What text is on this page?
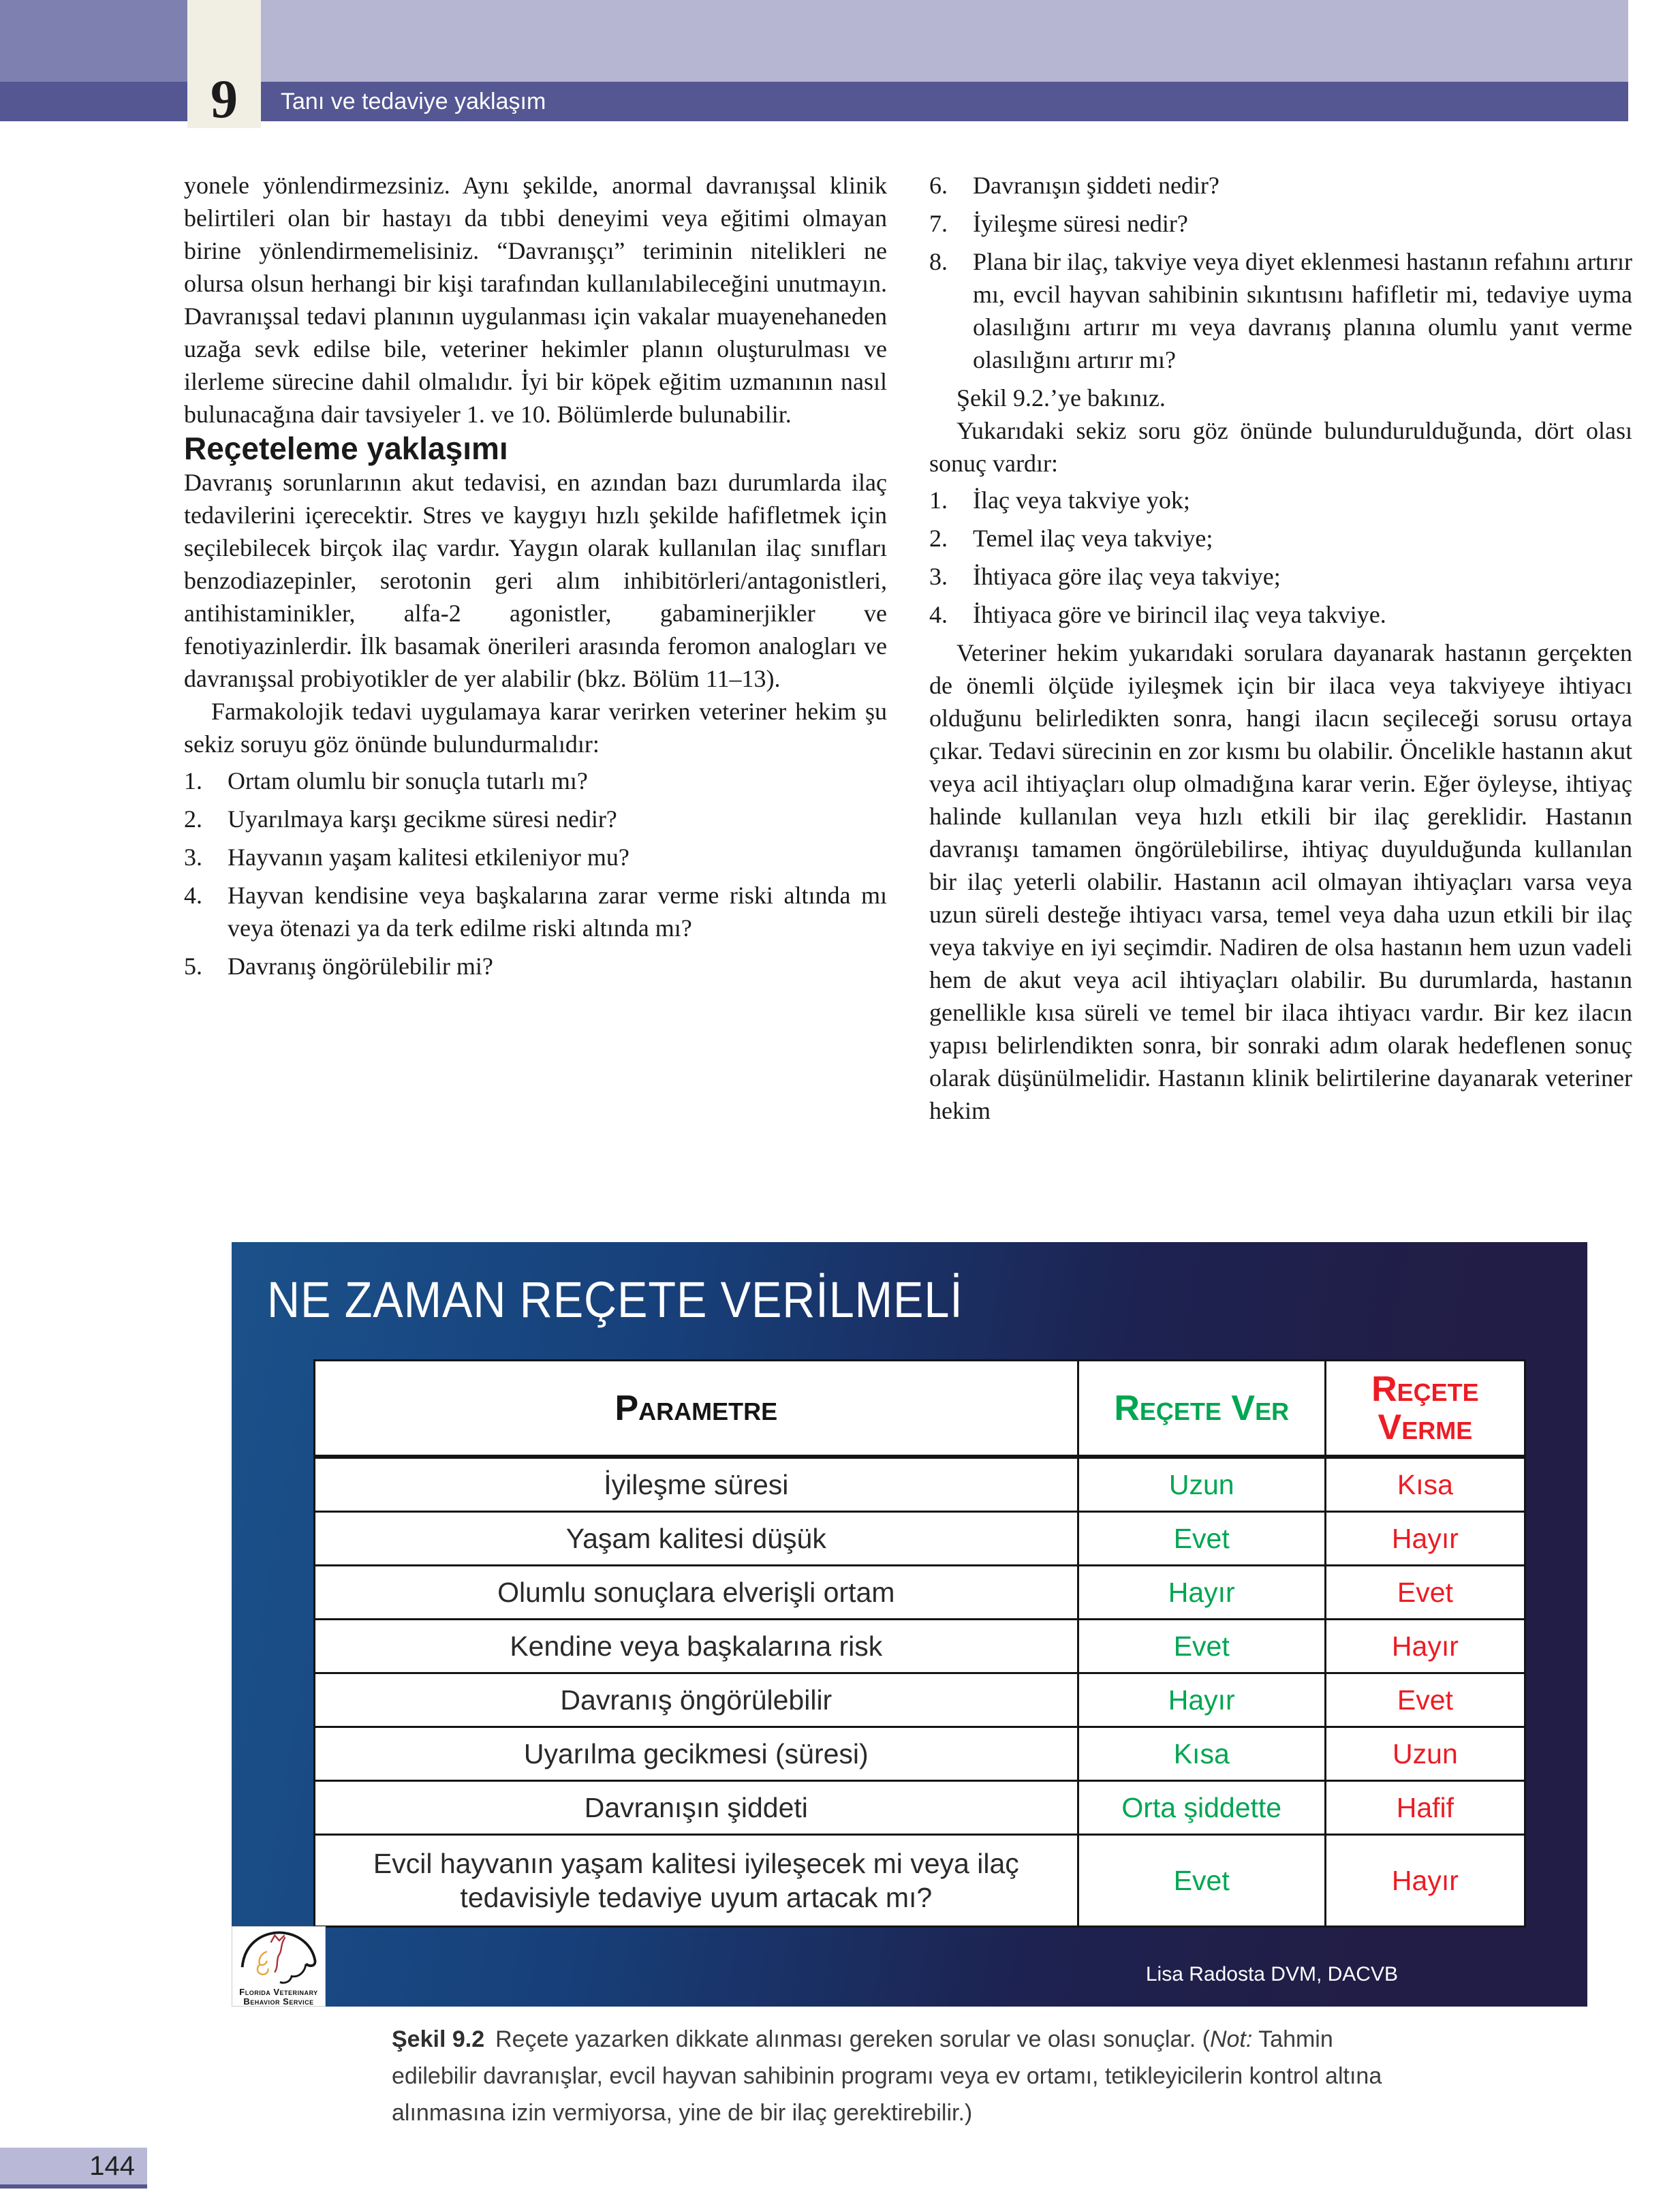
9	Tanı ve tedaviye yaklaşım

yonele yönlendirmezsiniz. Aynı şekilde, anormal davranışsal klinik belirtileri olan bir hastayı da tıbbi deneyimi veya eğitimi olmayan birine yönlendirmemelisiniz. “Davranışçı” teriminin nitelikleri ne olursa olsun herhangi bir kişi tarafından kullanılabileceğini unutmayın. Davranışsal tedavi planının uygulanması için vakalar muayenehaneden uzağa sevk edilse bile, veteriner hekimler planın oluşturulması ve ilerleme sürecine dahil olmalıdır. İyi bir köpek eğitim uzmanının nasıl bulunacağına dair tavsiyeler 1. ve 10. Bölümlerde bulunabilir.

Reçeteleme yaklaşımı

Davranış sorunlarının akut tedavisi, en azından bazı durumlarda ilaç tedavilerini içerecektir. Stres ve kaygıyı hızlı şekilde hafifletmek için seçilebilecek birçok ilaç vardır. Yaygın olarak kullanılan ilaç sınıfları benzodiazepinler, serotonin geri alım inhibitörleri/antagonistleri, antihistaminikler, alfa-2 agonistler, gabaminerjikler ve fenotiyazinlerdir. İlk basamak önerileri arasında feromon analogları ve davranışsal probiyotikler de yer alabilir (bkz. Bölüm 11–13).

Farmakolojik tedavi uygulamaya karar verirken veteriner hekim şu sekiz soruyu göz önünde bulundurmalıdır:

1.	Ortam olumlu bir sonuçla tutarlı mı?
2.	Uyarılmaya karşı gecikme süresi nedir?
3.	Hayvanın yaşam kalitesi etkileniyor mu?
4.	Hayvan kendisine veya başkalarına zarar verme riski altında mı veya ötenazi ya da terk edilme riski altında mı?
5.	Davranış öngörülebilir mi?
6.	Davranışın şiddeti nedir?
7.	İyileşme süresi nedir?
8.	Plana bir ilaç, takviye veya diyet eklenmesi hastanın refahını artırır mı, evcil hayvan sahibinin sıkıntısını hafifletir mi, tedaviye uyma olasılığını artırır mı veya davranış planına olumlu yanıt verme olasılığını artırır mı?

Şekil 9.2.’ye bakınız.

Yukarıdaki sekiz soru göz önünde bulundurulduğunda, dört olası sonuç vardır:

1.	İlaç veya takviye yok;
2.	Temel ilaç veya takviye;
3.	İhtiyaca göre ilaç veya takviye;
4.	İhtiyaca göre ve birincil ilaç veya takviye.

Veteriner hekim yukarıdaki sorulara dayanarak hastanın gerçekten de önemli ölçüde iyileşmek için bir ilaca veya takviyeye ihtiyacı olduğunu belirledikten sonra, hangi ilacın seçileceği sorusu ortaya çıkar. Tedavi sürecinin en zor kısmı bu olabilir. Öncelikle hastanın akut veya acil ihtiyaçları olup olmadığına karar verin. Eğer öyleyse, ihtiyaç halinde kullanılan veya hızlı etkili bir ilaç gereklidir. Hastanın davranışı tamamen öngörülebilirse, ihtiyaç duyulduğunda kullanılan bir ilaç yeterli olabilir. Hastanın acil olmayan ihtiyaçları varsa veya uzun süreli desteğe ihtiyacı varsa, temel veya daha uzun etkili bir ilaç veya takviye en iyi seçimdir. Nadiren de olsa hastanın hem uzun vadeli hem de akut veya acil ihtiyaçları olabilir. Bu durumlarda, hastanın genellikle kısa süreli ve temel bir ilaca ihtiyacı vardır. Bir kez ilacın yapısı belirlendikten sonra, bir sonraki adım olarak hedeflenen sonuç olarak düşünülmelidir. Hastanın klinik belirtilerine dayanarak veteriner hekim

NE ZAMAN REÇETE VERİLMELİ
Parametre	Reçete Ver	Reçete Verme
İyileşme süresi	Uzun	Kısa
Yaşam kalitesi düşük	Evet	Hayır
Olumlu sonuçlara elverişli ortam	Hayır	Evet
Kendine veya başkalarına risk	Evet	Hayır
Davranış öngörülebilir	Hayır	Evet
Uyarılma gecikmesi (süresi)	Kısa	Uzun
Davranışın şiddeti	Orta şiddette	Hafif
Evcil hayvanın yaşam kalitesi iyileşecek mi veya ilaç tedavisiyle tedaviye uyum artacak mı?
Evet	Hayır
Florida Veterinary
Behavior Service
Lisa Radosta DVM, DACVB
Şekil 9.2 Reçete yazarken dikkate alınması gereken sorular ve olası sonuçlar. (Not: Tahmin edilebilir davranışlar, evcil hayvan sahibinin programı veya ev ortamı, tetikleyicilerin kontrol altına alınmasına izin vermiyorsa, yine de bir ilaç gerektirebilir.)
144
